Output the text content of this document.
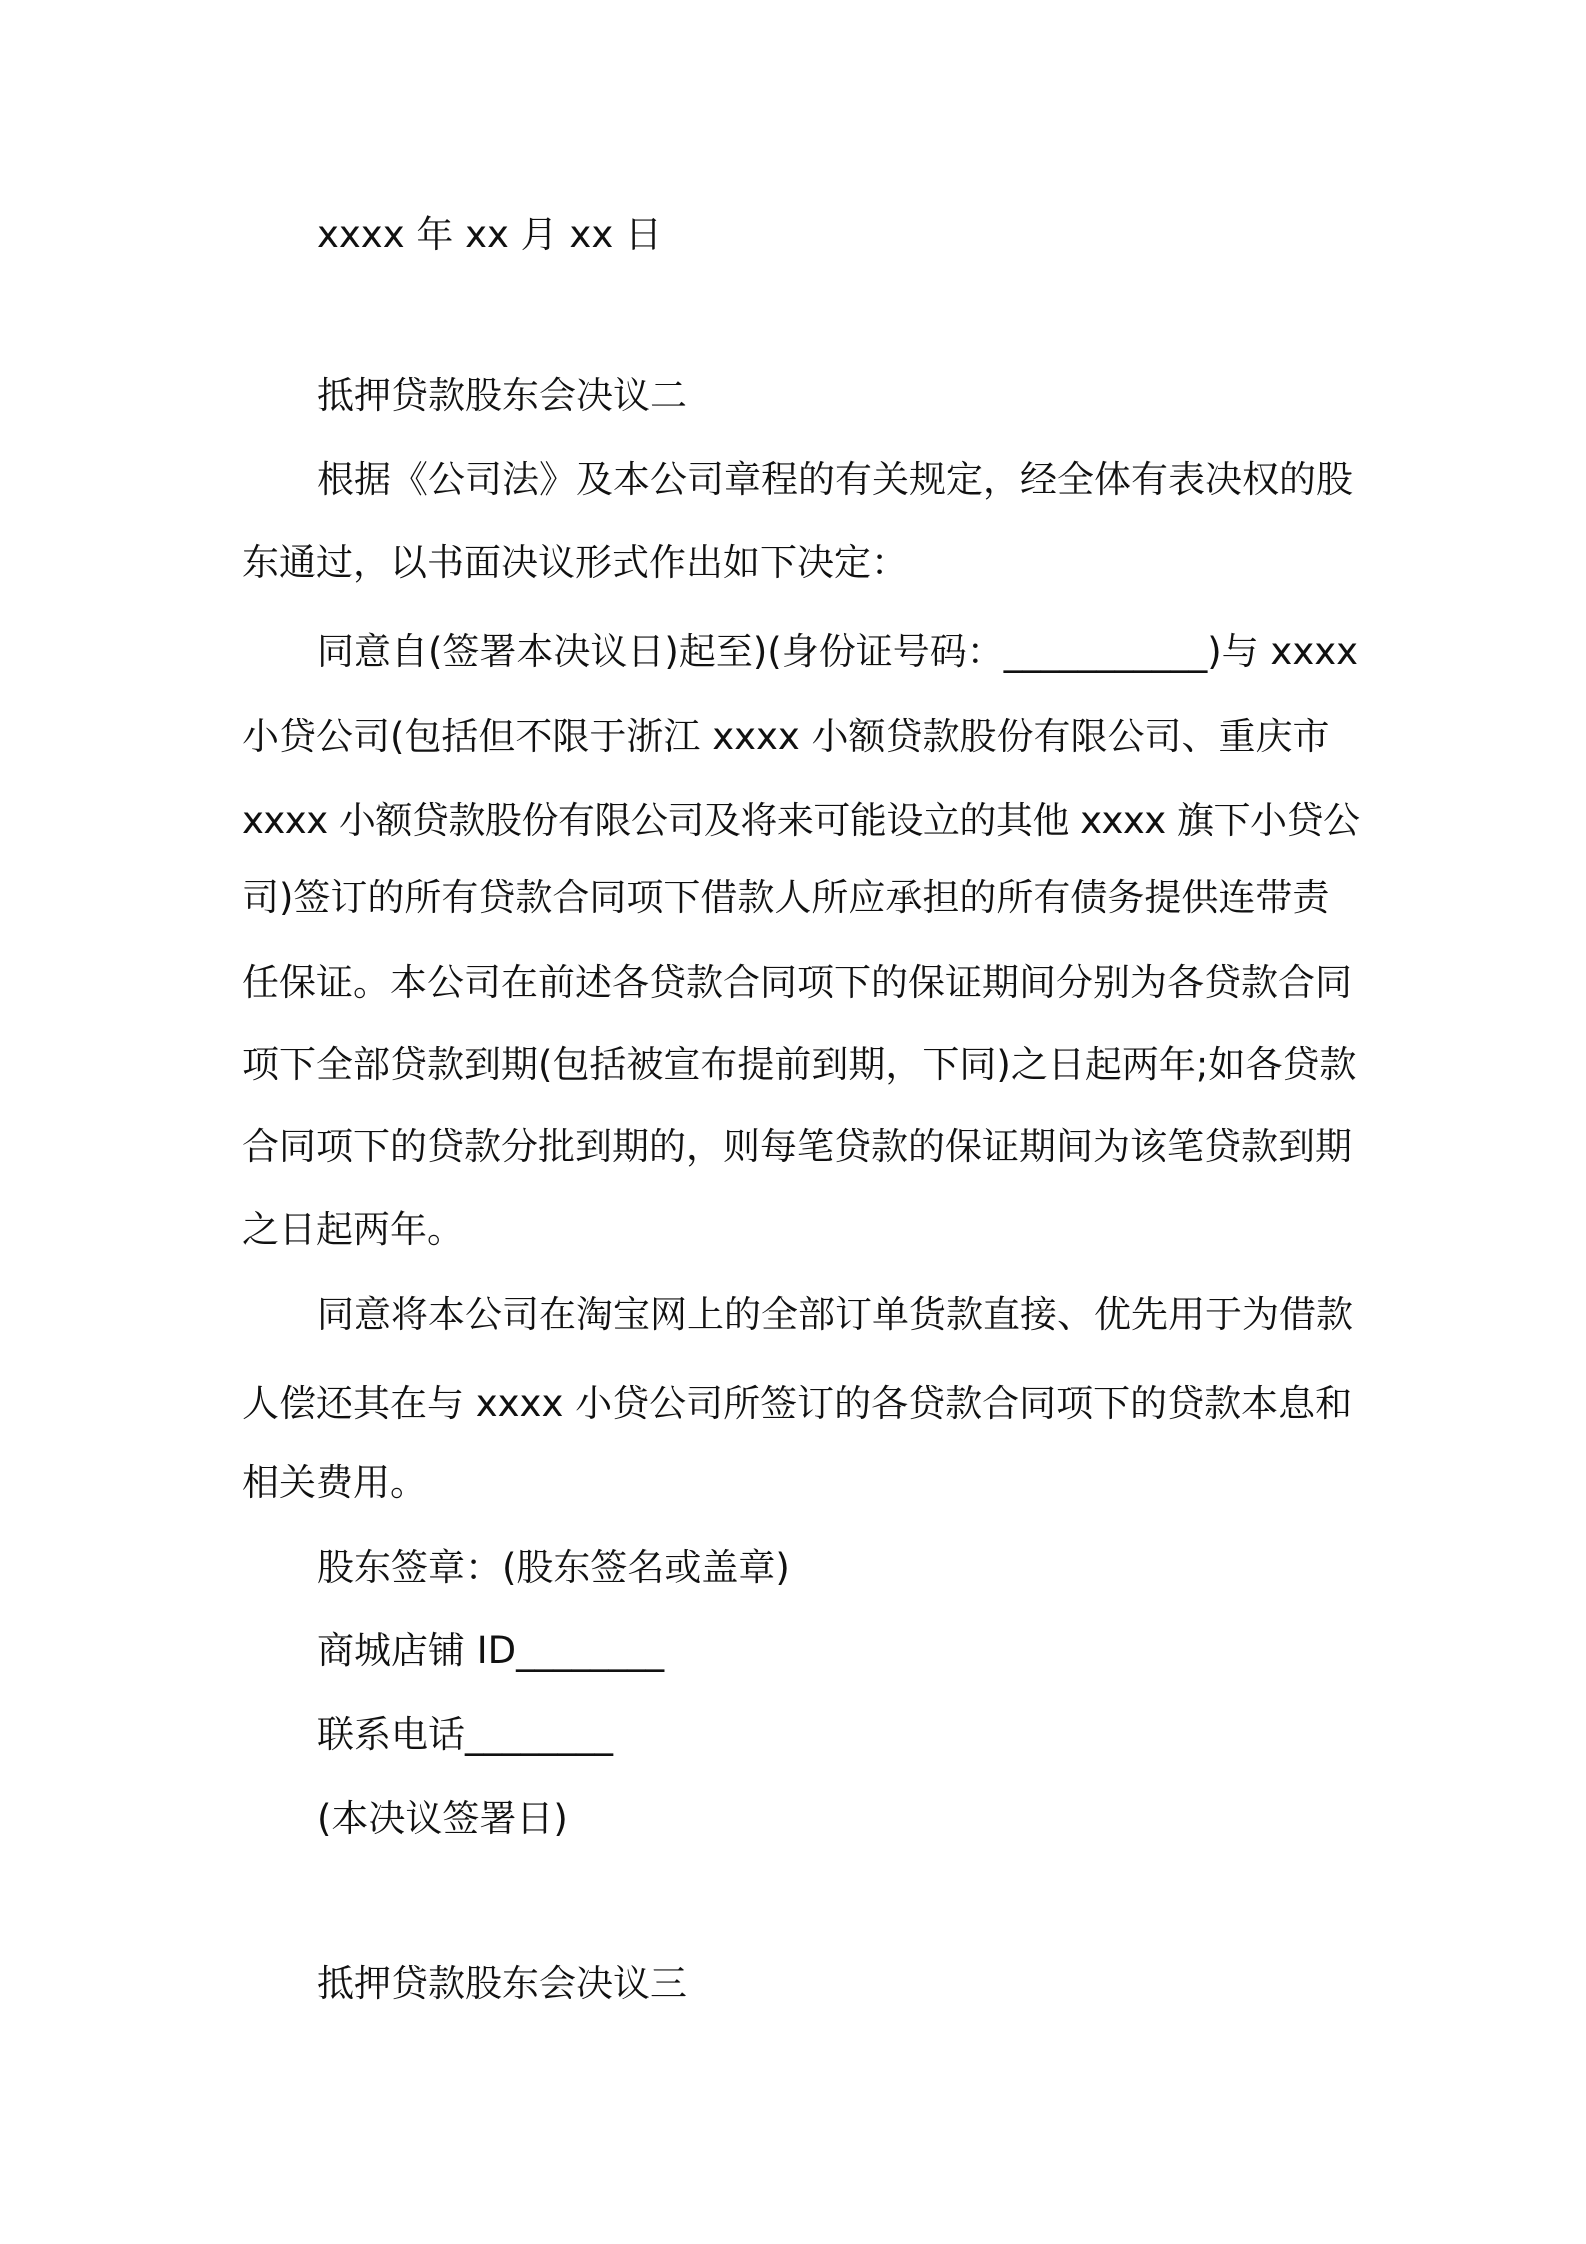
xxxx 年 xx 月 xx 日

抵押贷款股东会决议二

根据《公司法》及本公司章程的有关规定，经全体有表决权的股

东通过，以书面决议形式作出如下决定：

同意自(签署本决议日)起至)(身份证号码：___________)与 xxxx

小贷公司(包括但不限于浙江 xxxx 小额贷款股份有限公司、重庆市

xxxx 小额贷款股份有限公司及将来可能设立的其他 xxxx 旗下小贷公

司)签订的所有贷款合同项下借款人所应承担的所有债务提供连带责

任保证。本公司在前述各贷款合同项下的保证期间分别为各贷款合同

项下全部贷款到期(包括被宣布提前到期，下同)之日起两年;如各贷款

合同项下的贷款分批到期的，则每笔贷款的保证期间为该笔贷款到期

之日起两年。

同意将本公司在淘宝网上的全部订单货款直接、优先用于为借款

人偿还其在与 xxxx 小贷公司所签订的各贷款合同项下的贷款本息和

相关费用。

股东签章：(股东签名或盖章)

商城店铺 ID________

联系电话________

(本决议签署日)

抵押贷款股东会决议三
